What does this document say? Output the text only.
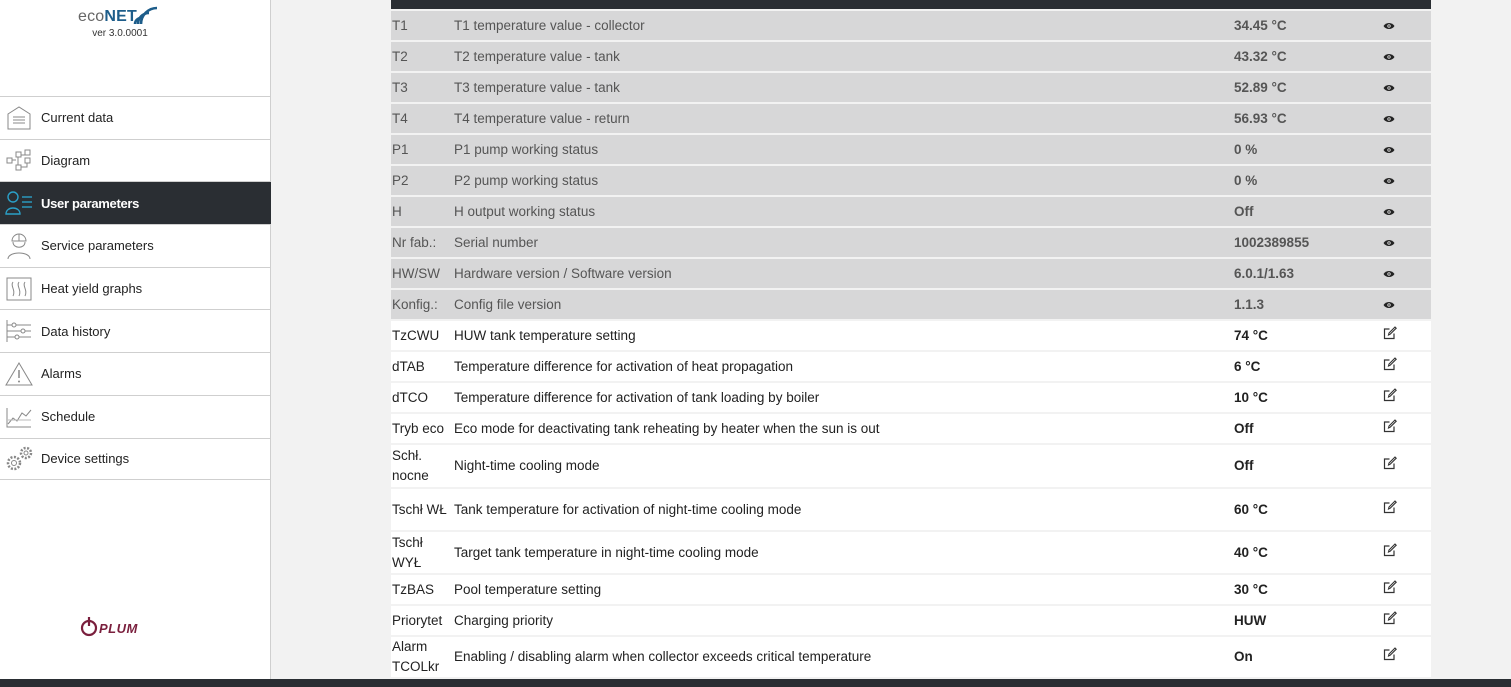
ecoNET
ver 3.0.0001
Current data
Diagram
User parameters
Service parameters
Heat yield graphs
Data history
Alarms
Schedule
Device settings
PLUM
T1	T1 temperature value - collector	34.45 °C	
T2	T2 temperature value - tank	43.32 °C	
T3	T3 temperature value - tank	52.89 °C	
T4	T4 temperature value - return	56.93 °C	
P1	P1 pump working status	0 %	
P2	P2 pump working status	0 %	
H	H output working status	Off	
Nr fab.:	Serial number	1002389855	
HW/SW	Hardware version / Software version	6.0.1/1.63	
Konfig.:	Config file version	1.1.3	
TzCWU	HUW tank temperature setting	74 °C	
dTAB	Temperature difference for activation of heat propagation	6 °C	
dTCO	Temperature difference for activation of tank loading by boiler	10 °C	
Tryb eco	Eco mode for deactivating tank reheating by heater when the sun is out	Off	
Schł. nocne	Night-time cooling mode	Off	
Tschł WŁ	Tank temperature for activation of night-time cooling mode	60 °C	
Tschł WYŁ	Target tank temperature in night-time cooling mode	40 °C	
TzBAS	Pool temperature setting	30 °C	
Priorytet	Charging priority	HUW	
Alarm TCOLkr	Enabling / disabling alarm when collector exceeds critical temperature	On	
